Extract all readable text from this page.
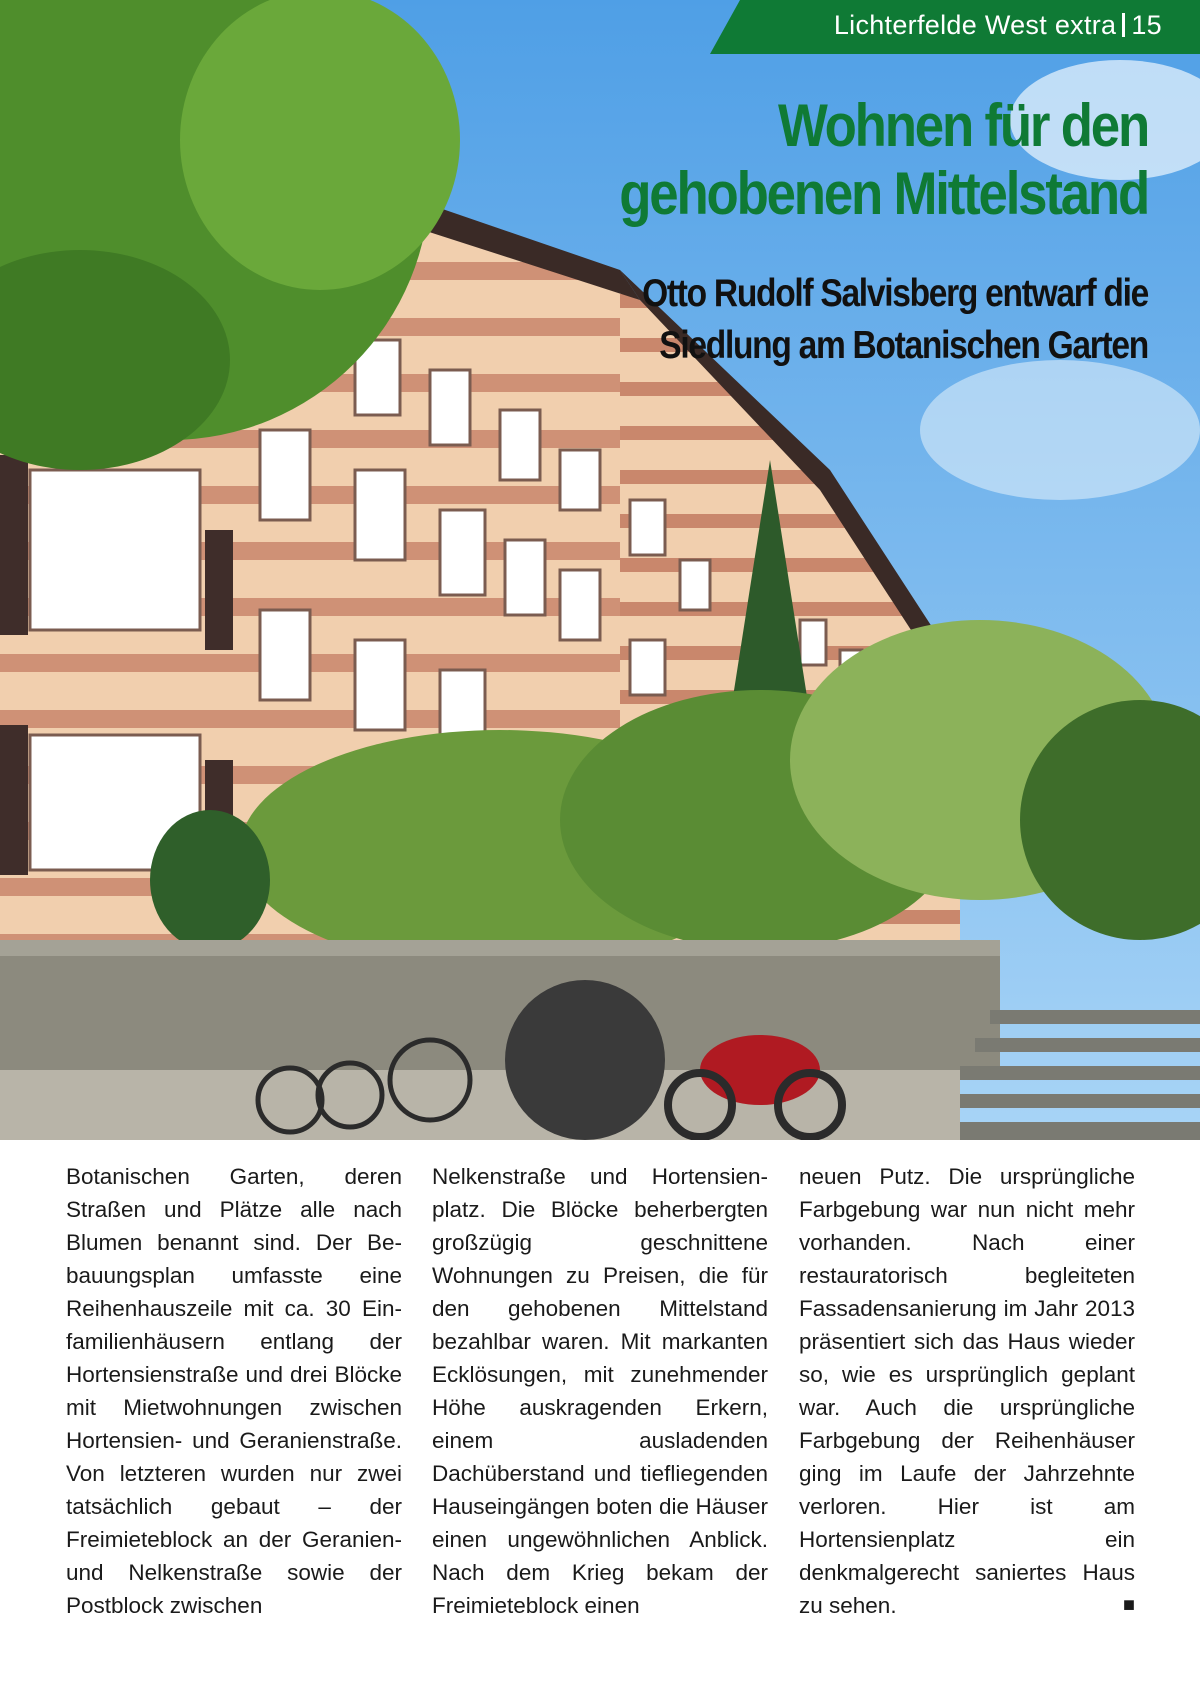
Lichterfelde West extra 15
Wohnen für den gehobenen Mittelstand
Otto Rudolf Salvisberg entwarf die Siedlung am Botanischen Garten
Botanischen Garten, deren Straßen und Plätze alle nach Blumen benannt sind. Der Bebauungsplan umfasste eine Reihenhauszeile mit ca. 30 Einfamilienhäusern entlang der Hortensienstraße und drei Blöcke mit Mietwohnungen zwischen Hortensien- und Geranienstraße. Von letzteren wurden nur zwei tatsächlich gebaut – der Freimieteblock an der Geranien- und Nelkenstraße sowie der Postblock zwischen
Nelkenstraße und Hortensienplatz. Die Blöcke beherbergten großzügig geschnittene Wohnungen zu Preisen, die für den gehobenen Mittelstand bezahlbar waren. Mit markanten Ecklösungen, mit zunehmender Höhe auskragenden Erkern, einem ausladenden Dachüberstand und tiefliegenden Hauseingängen boten die Häuser einen ungewöhnlichen Anblick. Nach dem Krieg bekam der Freimieteblock einen
neuen Putz. Die ursprüngliche Farbgebung war nun nicht mehr vorhanden. Nach einer restauratorisch begleiteten Fassadensanierung im Jahr 2013 präsentiert sich das Haus wieder so, wie es ursprünglich geplant war. Auch die ursprüngliche Farbgebung der Reihenhäuser ging im Laufe der Jahrzehnte verloren. Hier ist am Hortensienplatz ein denkmalgerecht saniertes Haus zu sehen.	■
